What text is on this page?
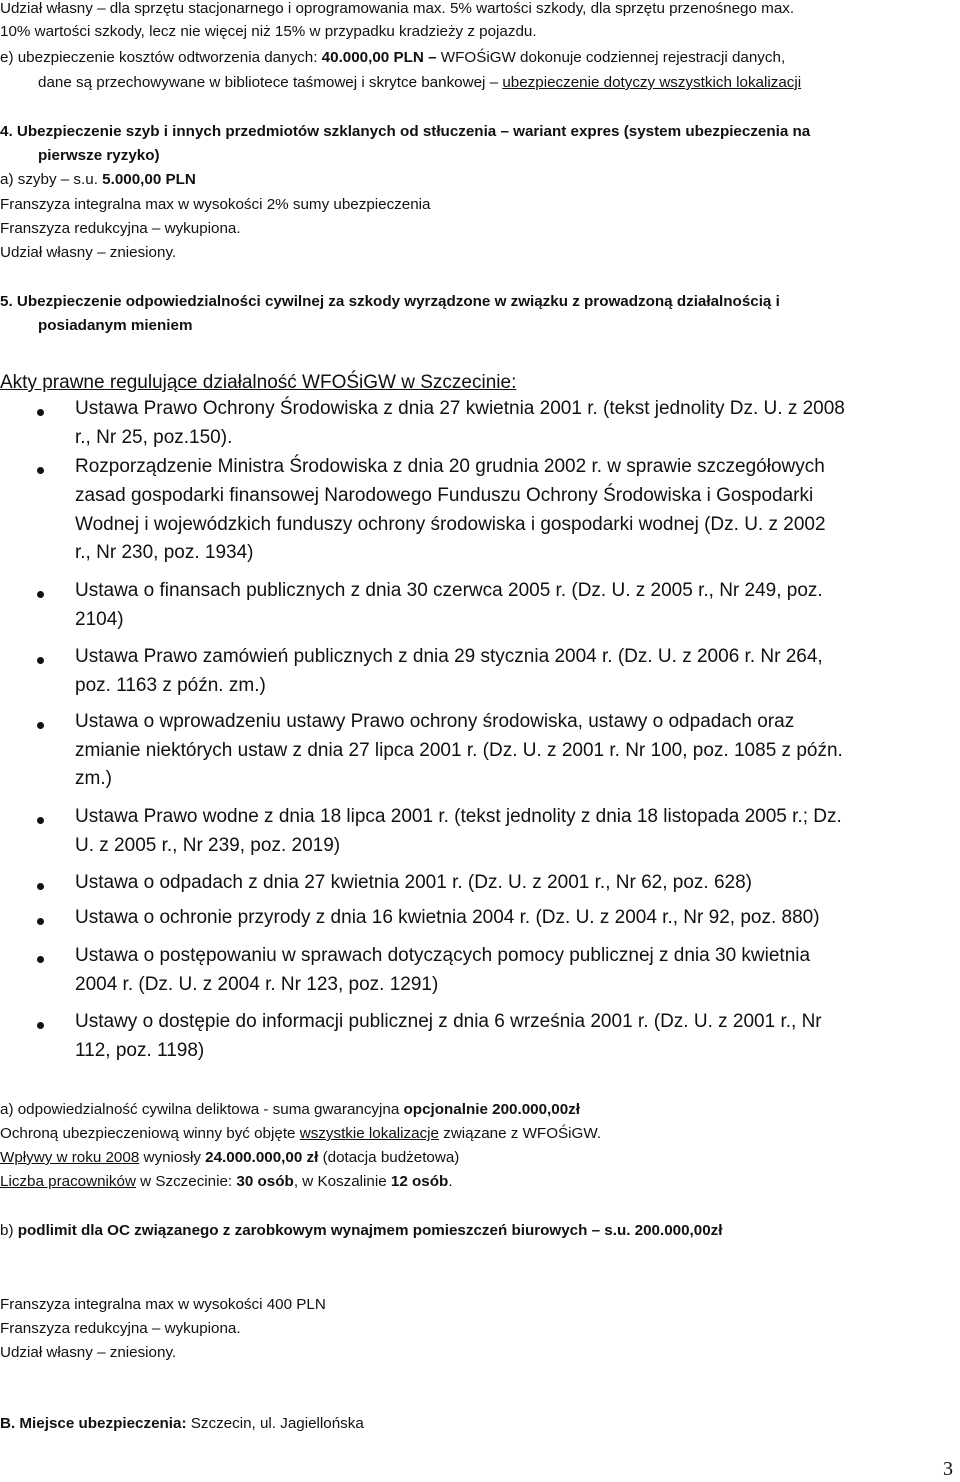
Udział własny – dla sprzętu stacjonarnego i oprogramowania max. 5% wartości szkody, dla sprzętu przenośnego max.
10% wartości szkody, lecz nie więcej niż 15% w przypadku kradzieży z pojazdu.
e) ubezpieczenie kosztów odtworzenia danych: 40.000,00 PLN – WFOŚiGW dokonuje codziennej rejestracji danych,
dane są przechowywane w bibliotece taśmowej i skrytce bankowej – ubezpieczenie dotyczy wszystkich lokalizacji
4. Ubezpieczenie szyb i innych przedmiotów szklanych od stłuczenia – wariant expres (system ubezpieczenia na
pierwsze ryzyko)
a) szyby – s.u. 5.000,00 PLN
Franszyza integralna max w wysokości 2% sumy ubezpieczenia
Franszyza redukcyjna – wykupiona.
Udział własny – zniesiony.
5. Ubezpieczenie odpowiedzialności cywilnej za szkody wyrządzone w związku z prowadzoną działalnością i
posiadanym mieniem
Akty prawne regulujące działalność WFOŚiGW w Szczecinie:
Ustawa Prawo Ochrony Środowiska z dnia 27 kwietnia 2001 r. (tekst jednolity Dz. U. z 2008
r., Nr 25, poz.150).
Rozporządzenie Ministra Środowiska z dnia 20 grudnia 2002 r. w sprawie szczegółowych
zasad gospodarki finansowej Narodowego Funduszu Ochrony Środowiska i Gospodarki
Wodnej i wojewódzkich funduszy ochrony środowiska i gospodarki wodnej (Dz. U. z 2002
r., Nr 230, poz. 1934)
Ustawa o finansach publicznych z dnia 30 czerwca 2005 r. (Dz. U. z 2005 r., Nr 249, poz.
2104)
Ustawa Prawo zamówień publicznych z dnia 29 stycznia 2004 r. (Dz. U. z 2006 r. Nr 264,
poz. 1163 z późn. zm.)
Ustawa o wprowadzeniu ustawy Prawo ochrony środowiska, ustawy o odpadach oraz
zmianie niektórych ustaw z dnia 27 lipca 2001 r. (Dz. U. z 2001 r. Nr 100, poz. 1085 z późn.
zm.)
Ustawa Prawo wodne z dnia 18 lipca 2001 r. (tekst jednolity z dnia 18 listopada 2005 r.; Dz.
U. z 2005 r., Nr 239, poz. 2019)
Ustawa o odpadach z dnia 27 kwietnia 2001 r. (Dz. U. z 2001 r., Nr 62, poz. 628)
Ustawa o ochronie przyrody z dnia 16 kwietnia 2004 r. (Dz. U. z 2004 r., Nr 92, poz. 880)
Ustawa o postępowaniu w sprawach dotyczących pomocy publicznej z dnia 30 kwietnia
2004 r. (Dz. U. z 2004 r. Nr 123, poz. 1291)
Ustawy o dostępie do informacji publicznej z dnia 6 września 2001 r. (Dz. U. z 2001 r., Nr
112, poz. 1198)
a) odpowiedzialność cywilna deliktowa - suma gwarancyjna opcjonalnie 200.000,00zł
Ochroną ubezpieczeniową winny być objęte wszystkie lokalizacje związane z WFOŚiGW.
Wpływy w roku 2008 wyniosły 24.000.000,00 zł (dotacja budżetowa)
Liczba pracowników w Szczecinie: 30 osób, w Koszalinie 12 osób.
b) podlimit dla OC związanego z zarobkowym wynajmem pomieszczeń biurowych – s.u. 200.000,00zł
Franszyza integralna max w wysokości 400 PLN
Franszyza redukcyjna – wykupiona.
Udział własny – zniesiony.
B. Miejsce ubezpieczenia: Szczecin, ul. Jagiellońska
3
